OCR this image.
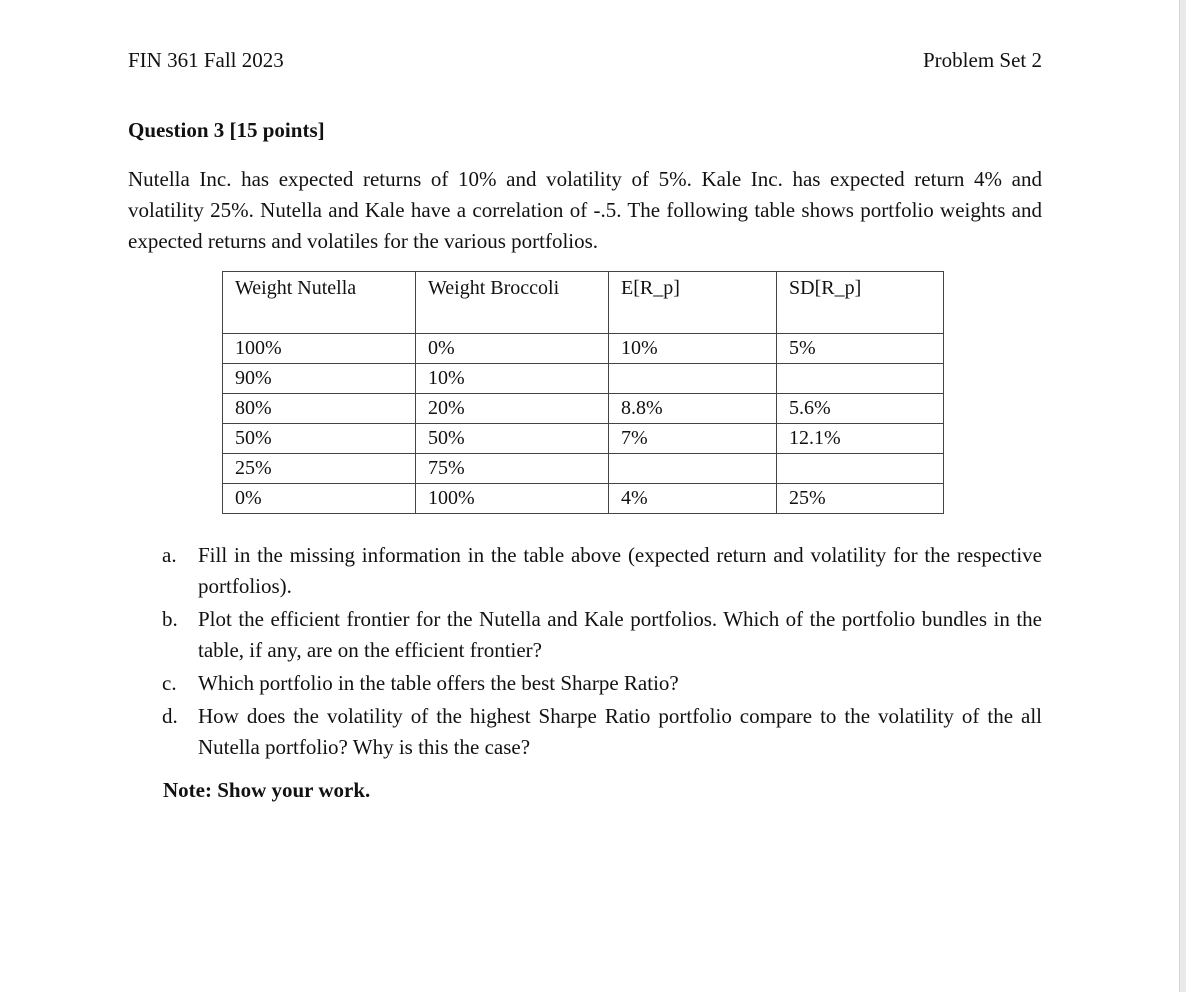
FIN 361 Fall 2023	Problem Set 2
Question 3 [15 points]

Nutella Inc. has expected returns of 10% and volatility of 5%. Kale Inc. has expected return 4% and volatility 25%. Nutella and Kale have a correlation of -.5. The following table shows portfolio weights and expected returns and volatiles for the various portfolios.

Weight Nutella	Weight Broccoli	E[R_p]	SD[R_p]
100%	0%	10%	5%
90%	10%		
80%	20%	8.8%	5.6%
50%	50%	7%	12.1%
25%	75%		
0%	100%	4%	25%
a. Fill in the missing information in the table above (expected return and volatility for the respective portfolios).
b. Plot the efficient frontier for the Nutella and Kale portfolios. Which of the portfolio bundles in the table, if any, are on the efficient frontier?
c. Which portfolio in the table offers the best Sharpe Ratio?
d. How does the volatility of the highest Sharpe Ratio portfolio compare to the volatility of the all Nutella portfolio? Why is this the case?
Note: Show your work.
